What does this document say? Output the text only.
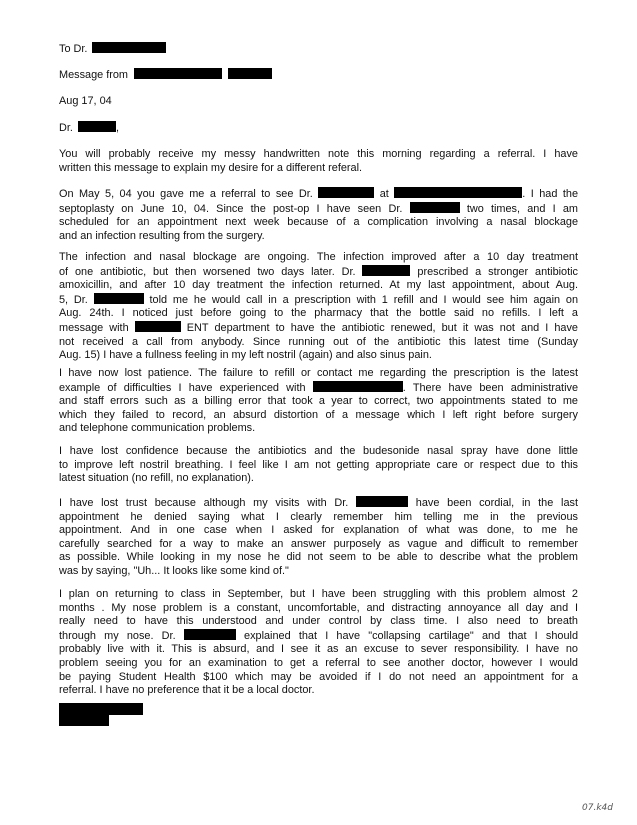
To Dr.
Message from
Aug 17, 04
Dr.	,
You will probably receive my messy handwritten note this morning regarding a referral. I have
written this message to explain my desire for a different referal.
On May 5, 04 you gave me a referral to see Dr.	at	. I had the
septoplasty on June 10, 04. Since the post-op I have seen Dr.	two times, and I am
scheduled for an appointment next week because of a complication involving a nasal blockage
and an infection resulting from the surgery.
The infection and nasal blockage are ongoing. The infection improved after a 10 day treatment
of one antibiotic, but then worsened two days later. Dr.	prescribed a stronger antibiotic
amoxicillin, and after 10 day treatment the infection returned. At my last appointment, about Aug.
5, Dr.	told me he would call in a prescription with 1 refill and I would see him again on
Aug. 24th. I noticed just before going to the pharmacy that the bottle said no refills. I left a
message with	ENT department to have the antibiotic renewed, but it was not and I have
not received a call from anybody. Since running out of the antibiotic this latest time (Sunday
Aug. 15) I have a fullness feeling in my left nostril (again) and also sinus pain.
I have now lost patience. The failure to refill or contact me regarding the prescription is the latest
example of difficulties I have experienced with	. There have been administrative
and staff errors such as a billing error that took a year to correct, two appointments stated to me
which they failed to record, an absurd distortion of a message which I left right before surgery
and telephone communication problems.
I have lost confidence because the antibiotics and the budesonide nasal spray have done little
to improve left nostril breathing. I feel like I am not getting appropriate care or respect due to this
latest situation (no refill, no explanation).
I have lost trust because although my visits with Dr.	have been cordial, in the last
appointment he denied saying what I clearly remember him telling me in the previous
appointment. And in one case when I asked for explanation of what was done, to me he
carefully searched for a way to make an answer purposely as vague and difficult to remember
as possible. While looking in my nose he did not seem to be able to describe what the problem
was by saying, "Uh... It looks like some kind of."
I plan on returning to class in September, but I have been struggling with this problem almost 2
months . My nose problem is a constant, uncomfortable, and distracting annoyance all day and I
really need to have this understood and under control by class time. I also need to breath
through my nose. Dr.	explained that I have "collapsing cartilage" and that I should
probably live with it. This is absurd, and I see it as an excuse to sever responsibility. I have no
problem seeing you for an examination to get a referral to see another doctor, however I would
be paying Student Health $100 which may be avoided if I do not need an appointment for a
referral. I have no preference that it be a local doctor.
07.k4d
